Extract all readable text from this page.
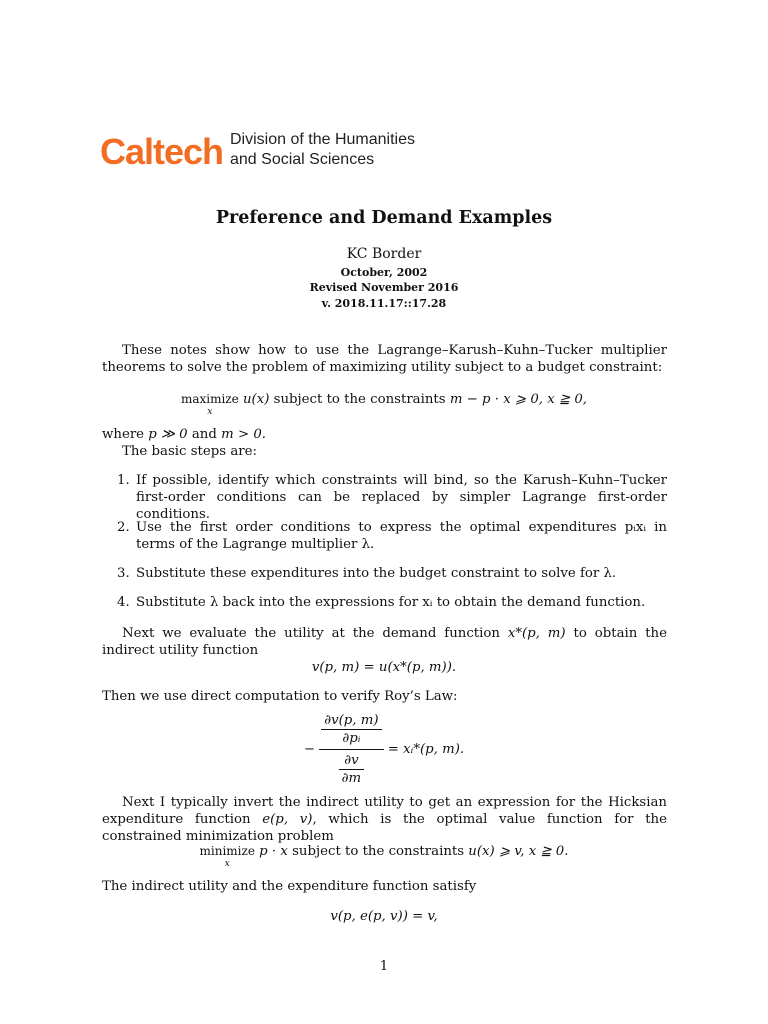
Caltech Division of the Humanities
and Social Sciences
Preference and Demand Examples
KC Border
October, 2002
Revised November 2016
v. 2018.11.17::17.28
These notes show how to use the Lagrange–Karush–Kuhn–Tucker multiplier theorems to solve the problem of maximizing utility subject to a budget constraint:
maximize

x
u(x) subject to the constraints m − p · x ⩾ 0, x ≧ 0,
where p ≫ 0 and m > 0.
The basic steps are:
1. If possible, identify which constraints will bind, so the Karush–Kuhn–Tucker first-order conditions can be replaced by simpler Lagrange first-order conditions.
2. Use the first order conditions to express the optimal expenditures pᵢxᵢ in terms of the Lagrange multiplier λ.
3. Substitute these expenditures into the budget constraint to solve for λ.
4. Substitute λ back into the expressions for xᵢ to obtain the demand function.
Next we evaluate the utility at the demand function x*(p, m) to obtain the indirect utility function
v(p, m) = u(x*(p, m)).
Then we use direct computation to verify Roy’s Law:
− $\frac{\frac{\partial v(p, m)}{\text{∂pᵢ}}}{\frac{\partial v}{\partial m}}$ = xᵢ*(p, m).
Next I typically invert the indirect utility to get an expression for the Hicksian expenditure function e(p, v), which is the optimal value function for the constrained minimization problem
minimize

x
p · x subject to the constraints u(x) ⩾ v, x ≧ 0.
The indirect utility and the expenditure function satisfy
v(p, e(p, v)) = v,
1
